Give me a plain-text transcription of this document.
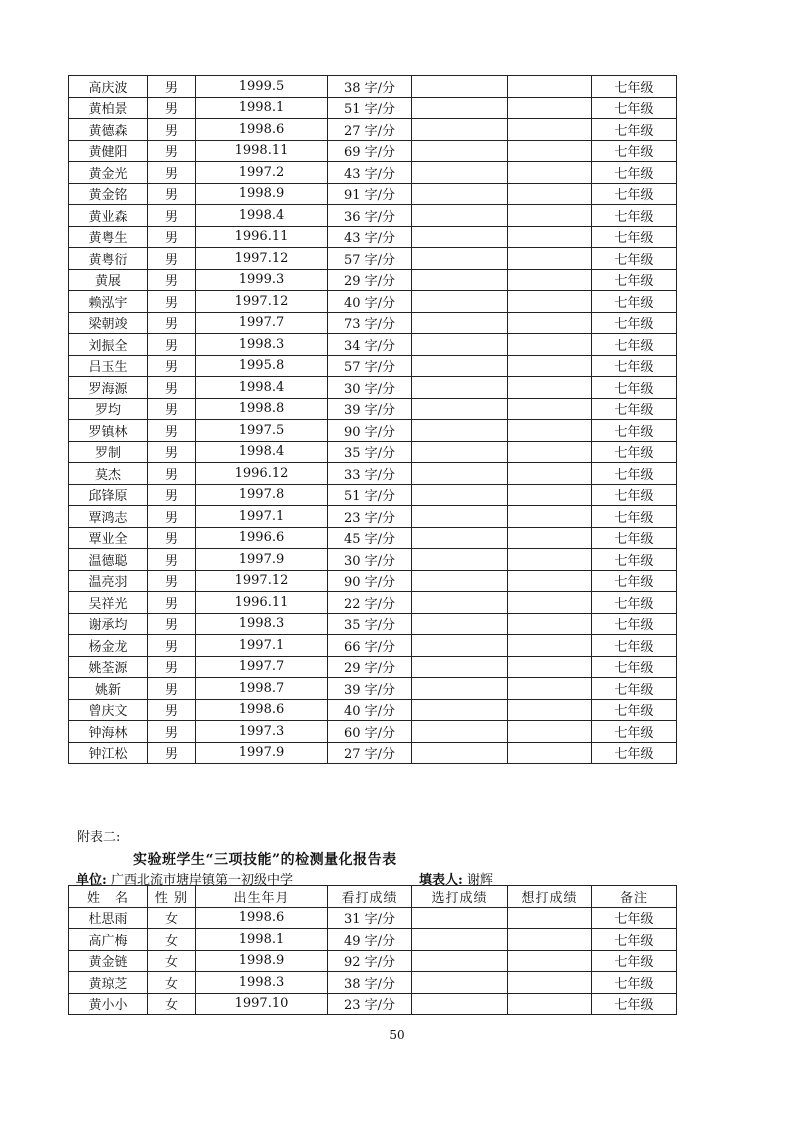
高庆波	男	1999.5	38 字/分			七年级
黄柏景	男	1998.1	51 字/分			七年级
黄德森	男	1998.6	27 字/分			七年级
黄健阳	男	1998.11	69 字/分			七年级
黄金光	男	1997.2	43 字/分			七年级
黄金铭	男	1998.9	91 字/分			七年级
黄业森	男	1998.4	36 字/分			七年级
黄粤生	男	1996.11	43 字/分			七年级
黄粤衍	男	1997.12	57 字/分			七年级
黄展	男	1999.3	29 字/分			七年级
赖泓宇	男	1997.12	40 字/分			七年级
梁朝竣	男	1997.7	73 字/分			七年级
刘振全	男	1998.3	34 字/分			七年级
吕玉生	男	1995.8	57 字/分			七年级
罗海源	男	1998.4	30 字/分			七年级
罗均	男	1998.8	39 字/分			七年级
罗镇林	男	1997.5	90 字/分			七年级
罗制	男	1998.4	35 字/分			七年级
莫杰	男	1996.12	33 字/分			七年级
邱锋原	男	1997.8	51 字/分			七年级
覃鸿志	男	1997.1	23 字/分			七年级
覃业全	男	1996.6	45 字/分			七年级
温德聪	男	1997.9	30 字/分			七年级
温亮羽	男	1997.12	90 字/分			七年级
吴祥光	男	1996.11	22 字/分			七年级
谢承均	男	1998.3	35 字/分			七年级
杨金龙	男	1997.1	66 字/分			七年级
姚荃源	男	1997.7	29 字/分			七年级
姚新	男	1998.7	39 字/分			七年级
曾庆文	男	1998.6	40 字/分			七年级
钟海林	男	1997.3	60 字/分			七年级
钟江松	男	1997.9	27 字/分			七年级
附表二:
实验班学生“三项技能”的检测量化报告表
单位: 广西北流市塘岸镇第一初级中学	填表人: 谢辉
姓　名	性 别	出生年月	看打成绩	选打成绩	想打成绩	备注
杜思雨	女	1998.6	31 字/分			七年级
高广梅	女	1998.1	49 字/分			七年级
黄金链	女	1998.9	92 字/分			七年级
黄琼芝	女	1998.3	38 字/分			七年级
黄小小	女	1997.10	23 字/分			七年级
50
